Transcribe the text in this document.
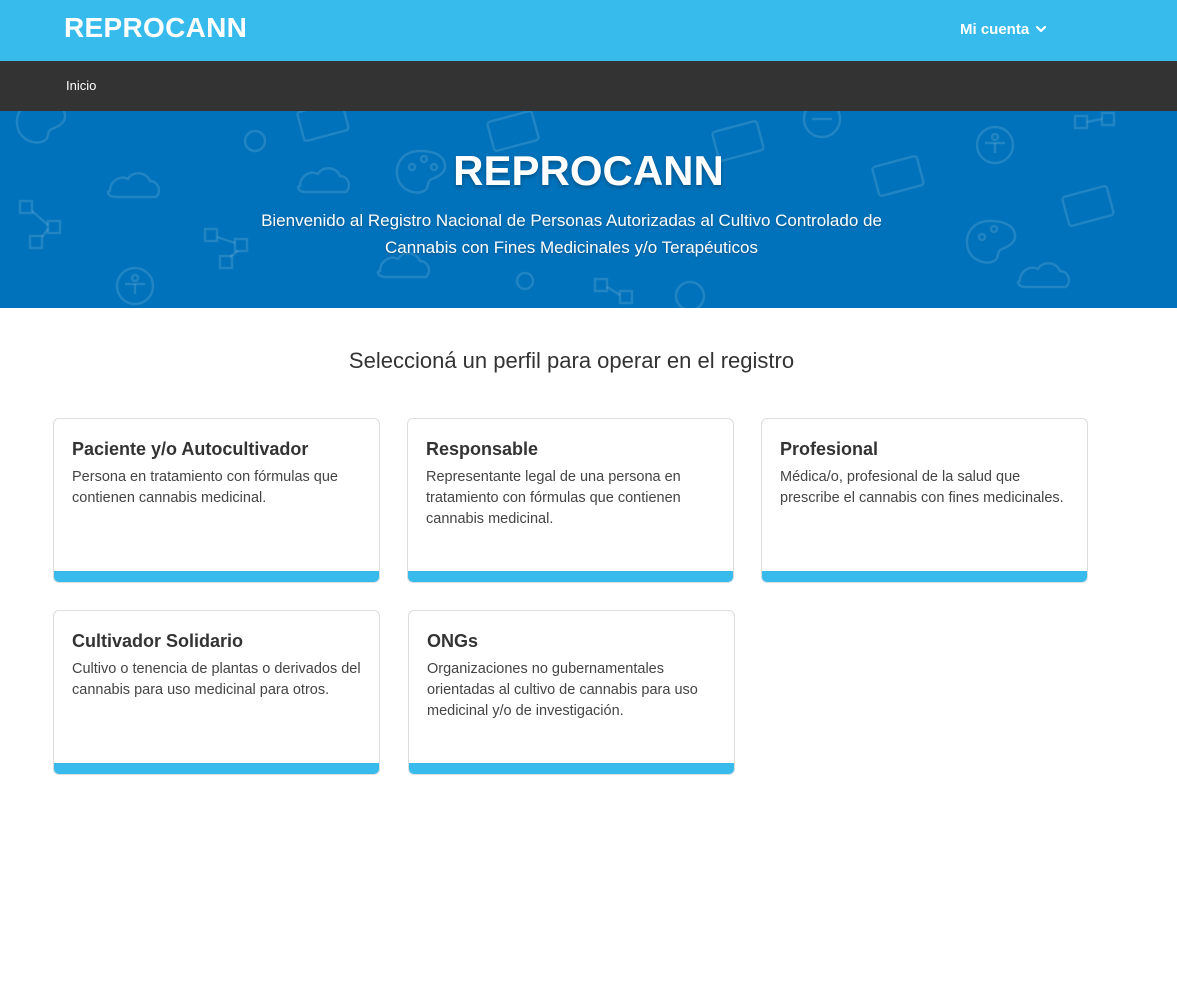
REPROCANN	Mi cuenta
Inicio
REPROCANN
Bienvenido al Registro Nacional de Personas Autorizadas al Cultivo Controlado de Cannabis con Fines Medicinales y/o Terapéuticos
Seleccioná un perfil para operar en el registro
Paciente y/o Autocultivador
Persona en tratamiento con fórmulas que contienen cannabis medicinal.
Responsable
Representante legal de una persona en tratamiento con fórmulas que contienen cannabis medicinal.
Profesional
Médica/o, profesional de la salud que prescribe el cannabis con fines medicinales.
Cultivador Solidario
Cultivo o tenencia de plantas o derivados del cannabis para uso medicinal para otros.
ONGs
Organizaciones no gubernamentales orientadas al cultivo de cannabis para uso medicinal y/o de investigación.
